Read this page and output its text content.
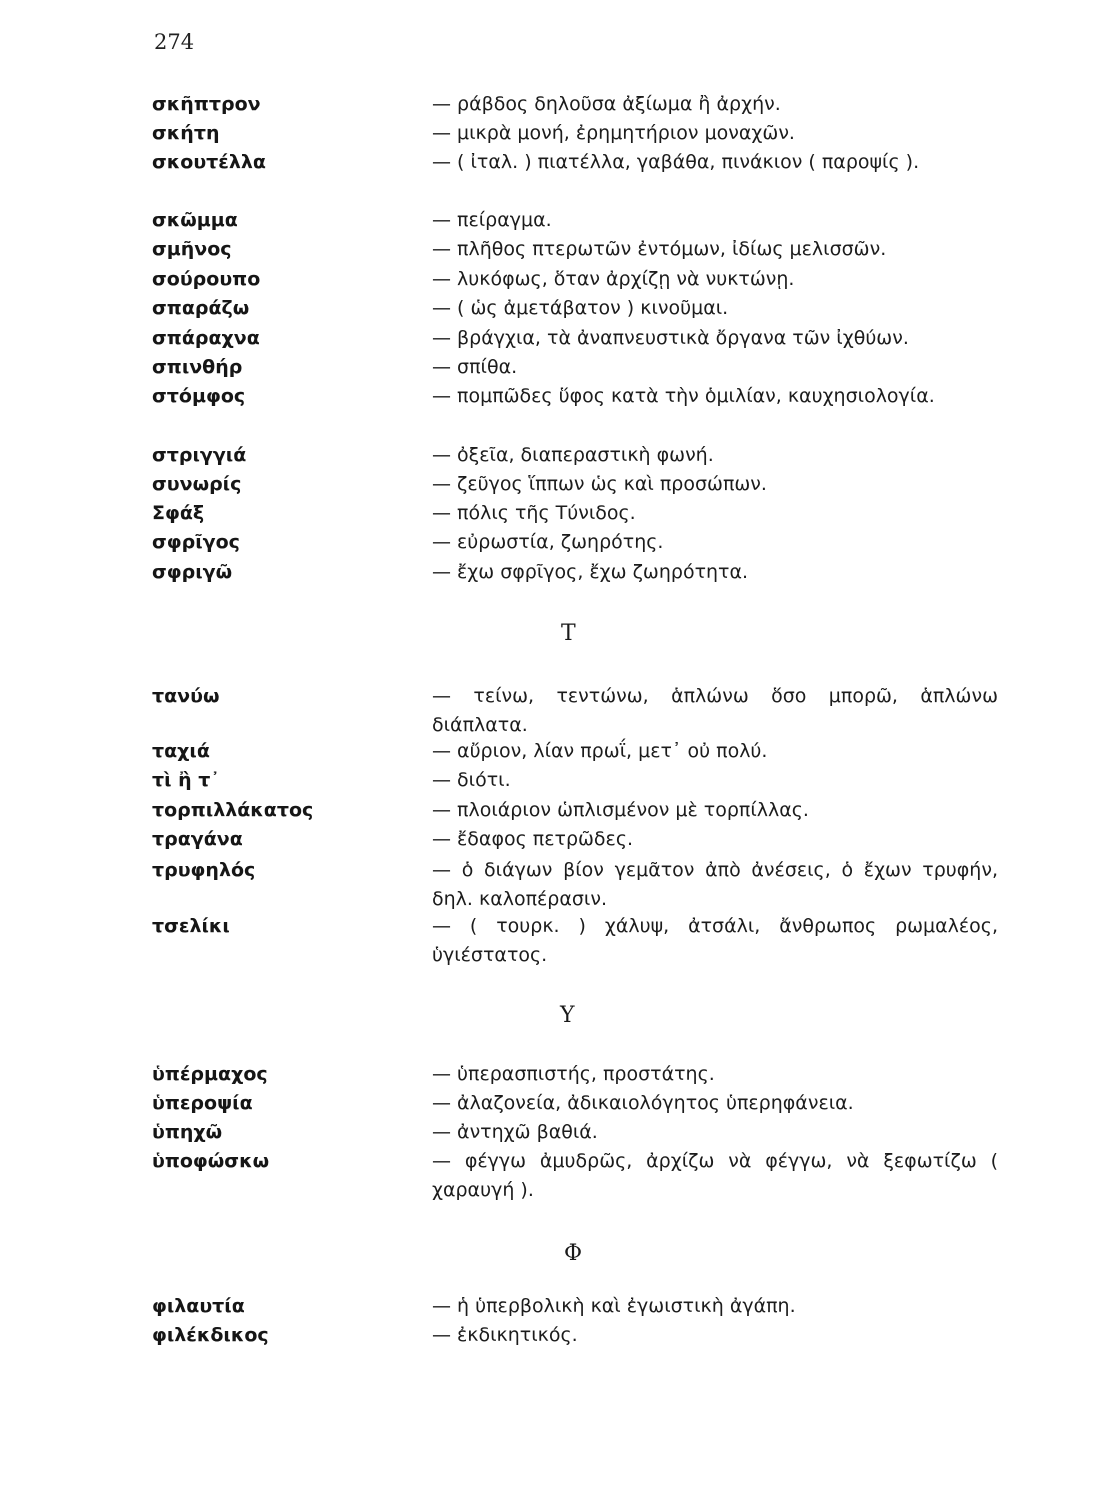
274
σκῆπτρον	— ράβδος δηλοῦσα ἀξίωμα ἢ ἀρχήν.
σκήτη	— μικρὰ μονή, ἐρημητήριον μοναχῶν.
σκουτέλλα	— ( ἰταλ. ) πιατέλλα, γαβάθα, πινάκιον ( παροψίς ).
σκῶμμα	— πείραγμα.
σμῆνος	— πλῆθος πτερωτῶν ἐντόμων, ἰδίως μελισσῶν.
σούρουπο	— λυκόφως, ὅταν ἀρχίζῃ νὰ νυκτώνῃ.
σπαράζω	— ( ὡς ἀμετάβατον ) κινοῦμαι.
σπάραχνα	— βράγχια, τὰ ἀναπνευστικὰ ὄργανα τῶν ἰχθύων.
σπινθήρ	— σπίθα.
στόμφος	— πομπῶδες ὕφος κατὰ τὴν ὁμιλίαν, καυχησιολογία.
στριγγιά	— ὀξεῖα, διαπεραστικὴ φωνή.
συνωρίς	— ζεῦγος ἵππων ὡς καὶ προσώπων.
Σφάξ	— πόλις τῆς Τύνιδος.
σφρῖγος	— εὐρωστία, ζωηρότης.
σφριγῶ	— ἔχω σφρῖγος, ἔχω ζωηρότητα.
Τ
τανύω	— τείνω, τεντώνω, ἁπλώνω ὅσο μπορῶ, ἁπλώνω διάπλατα.
ταχιά	— αὔριον, λίαν πρωΐ, μετ᾽ οὐ πολύ.
τὶ ἢ τ᾽	— διότι.
τορπιλλάκατος	— πλοιάριον ὡπλισμένον μὲ τορπίλλας.
τραγάνα	— ἔδαφος πετρῶδες.
τρυφηλός	— ὁ διάγων βίον γεμᾶτον ἀπὸ ἀνέσεις, ὁ ἔχων τρυφήν, δηλ. καλοπέρασιν.
τσελίκι	— ( τουρκ. ) χάλυψ, ἀτσάλι, ἄνθρωπος ρωμαλέος, ὑγιέστατος.
Υ
ὑπέρμαχος	— ὑπερασπιστής, προστάτης.
ὑπεροψία	— ἀλαζονεία, ἀδικαιολόγητος ὑπερηφάνεια.
ὑπηχῶ	— ἀντηχῶ βαθιά.
ὑποφώσκω	— φέγγω ἀμυδρῶς, ἀρχίζω νὰ φέγγω, νὰ ξεφωτίζω ( χαραυγή ).
Φ
φιλαυτία	— ἡ ὑπερβολικὴ καὶ ἐγωιστικὴ ἀγάπη.
φιλέκδικος	— ἐκδικητικός.
